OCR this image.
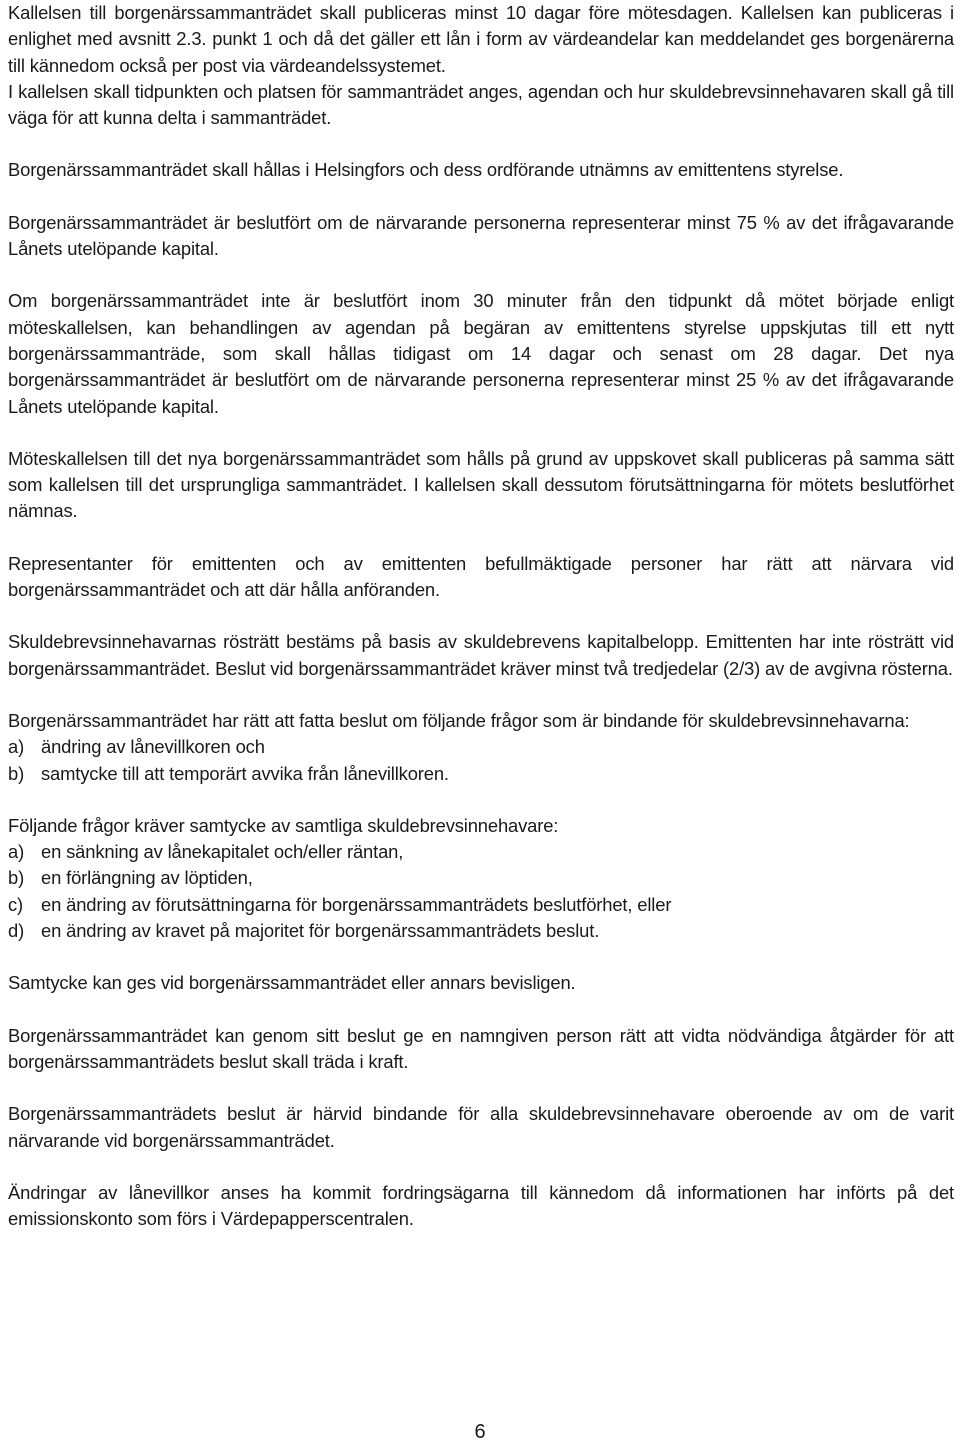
Kallelsen till borgenärssammanträdet skall publiceras minst 10 dagar före mötesdagen. Kallelsen kan publiceras i enlighet med avsnitt 2.3. punkt 1 och då det gäller ett lån i form av värdeandelar kan meddelandet ges borgenärerna till kännedom också per post via värdeandelssystemet.

I kallelsen skall tidpunkten och platsen för sammanträdet anges, agendan och hur skuldebrevsinnehavaren skall gå till väga för att kunna delta i sammanträdet.

Borgenärssammanträdet skall hållas i Helsingfors och dess ordförande utnämns av emittentens styrelse.

Borgenärssammanträdet är beslutfört om de närvarande personerna representerar minst 75 % av det ifrågavarande Lånets utelöpande kapital.

Om borgenärssammanträdet inte är beslutfört inom 30 minuter från den tidpunkt då mötet började enligt möteskallelsen, kan behandlingen av agendan på begäran av emittentens styrelse uppskjutas till ett nytt borgenärssammanträde, som skall hållas tidigast om 14 dagar och senast om 28 dagar. Det nya borgenärssammanträdet är beslutfört om de närvarande personerna representerar minst 25 % av det ifrågavarande Lånets utelöpande kapital.

Möteskallelsen till det nya borgenärssammanträdet som hålls på grund av uppskovet skall publiceras på samma sätt som kallelsen till det ursprungliga sammanträdet. I kallelsen skall dessutom förutsättningarna för mötets beslutförhet nämnas.

Representanter för emittenten och av emittenten befullmäktigade personer har rätt att närvara vid borgenärssammanträdet och att där hålla anföranden.

Skuldebrevsinnehavarnas rösträtt bestäms på basis av skuldebrevens kapitalbelopp. Emittenten har inte rösträtt vid borgenärssammanträdet. Beslut vid borgenärssammanträdet kräver minst två tredjedelar (2/3) av de avgivna rösterna.

Borgenärssammanträdet har rätt att fatta beslut om följande frågor som är bindande för skuldebrevsinnehavarna:

a) ändring av lånevillkoren och
b) samtycke till att temporärt avvika från lånevillkoren.

Följande frågor kräver samtycke av samtliga skuldebrevsinnehavare:

a) en sänkning av lånekapitalet och/eller räntan,
b) en förlängning av löptiden,
c) en ändring av förutsättningarna för borgenärssammanträdets beslutförhet, eller
d) en ändring av kravet på majoritet för borgenärssammanträdets beslut.

Samtycke kan ges vid borgenärssammanträdet eller annars bevisligen.

Borgenärssammanträdet kan genom sitt beslut ge en namngiven person rätt att vidta nödvändiga åtgärder för att borgenärssammanträdets beslut skall träda i kraft.

Borgenärssammanträdets beslut är härvid bindande för alla skuldebrevsinnehavare oberoende av om de varit närvarande vid borgenärssammanträdet.

Ändringar av lånevillkor anses ha kommit fordringsägarna till kännedom då informationen har införts på det emissionskonto som förs i Värdepapperscentralen.

6
